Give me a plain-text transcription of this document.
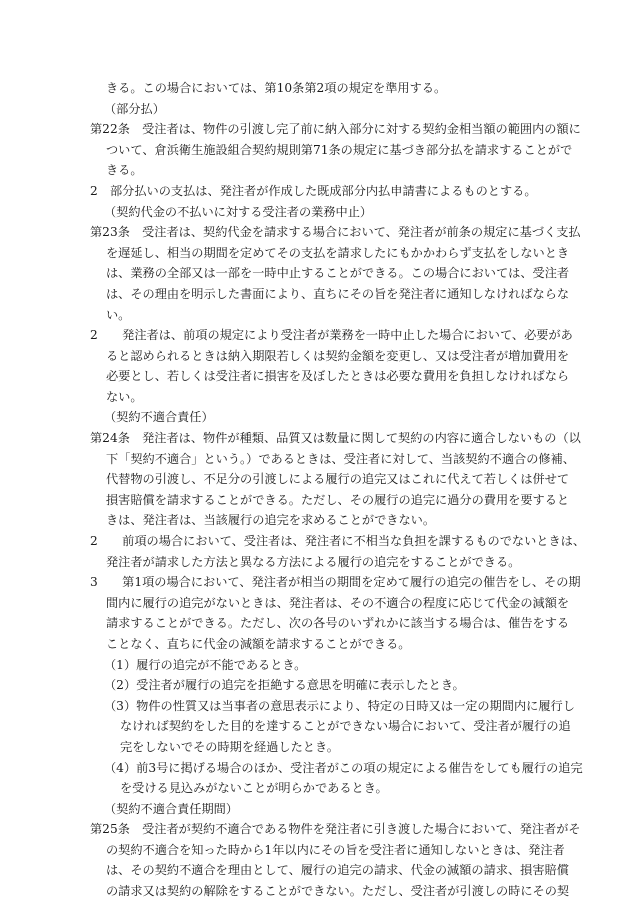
きる。この場合においては、第10条第2項の規定を準用する。
（部分払）
第22条　受注者は、物件の引渡し完了前に納入部分に対する契約金相当額の範囲内の額に
ついて、倉浜衛生施設組合契約規則第71条の規定に基づき部分払を請求することがで
きる。
2　部分払いの支払は、発注者が作成した既成部分内払申請書によるものとする。
（契約代金の不払いに対する受注者の業務中止）
第23条　受注者は、契約代金を請求する場合において、発注者が前条の規定に基づく支払
を遅延し、相当の期間を定めてその支払を請求したにもかかわらず支払をしないとき
は、業務の全部又は一部を一時中止することができる。この場合においては、受注者
は、その理由を明示した書面により、直ちにその旨を発注者に通知しなければならな
い。
2　　発注者は、前項の規定により受注者が業務を一時中止した場合において、必要があ
ると認められるときは納入期限若しくは契約金額を変更し、又は受注者が増加費用を
必要とし、若しくは受注者に損害を及ぼしたときは必要な費用を負担しなければなら
ない。
（契約不適合責任）
第24条　発注者は、物件が種類、品質又は数量に関して契約の内容に適合しないもの（以
下「契約不適合」という。）であるときは、受注者に対して、当該契約不適合の修補、
代替物の引渡し、不足分の引渡しによる履行の追完又はこれに代えて若しくは併せて
損害賠償を請求することができる。ただし、その履行の追完に過分の費用を要すると
きは、発注者は、当該履行の追完を求めることができない。
2　　前項の場合において、受注者は、発注者に不相当な負担を課するものでないときは、
発注者が請求した方法と異なる方法による履行の追完をすることができる。
3　　第1項の場合において、発注者が相当の期間を定めて履行の追完の催告をし、その期
間内に履行の追完がないときは、発注者は、その不適合の程度に応じて代金の減額を
請求することができる。ただし、次の各号のいずれかに該当する場合は、催告をする
ことなく、直ちに代金の減額を請求することができる。
（1）履行の追完が不能であるとき。
（2）受注者が履行の追完を拒絶する意思を明確に表示したとき。
（3）物件の性質又は当事者の意思表示により、特定の日時又は一定の期間内に履行し
なければ契約をした目的を達することができない場合において、受注者が履行の追
完をしないでその時期を経過したとき。
（4）前3号に掲げる場合のほか、受注者がこの項の規定による催告をしても履行の追完
を受ける見込みがないことが明らかであるとき。
（契約不適合責任期間）
第25条　受注者が契約不適合である物件を発注者に引き渡した場合において、発注者がそ
の契約不適合を知った時から1年以内にその旨を受注者に通知しないときは、発注者
は、その契約不適合を理由として、履行の追完の請求、代金の減額の請求、損害賠償
の請求又は契約の解除をすることができない。ただし、受注者が引渡しの時にその契
